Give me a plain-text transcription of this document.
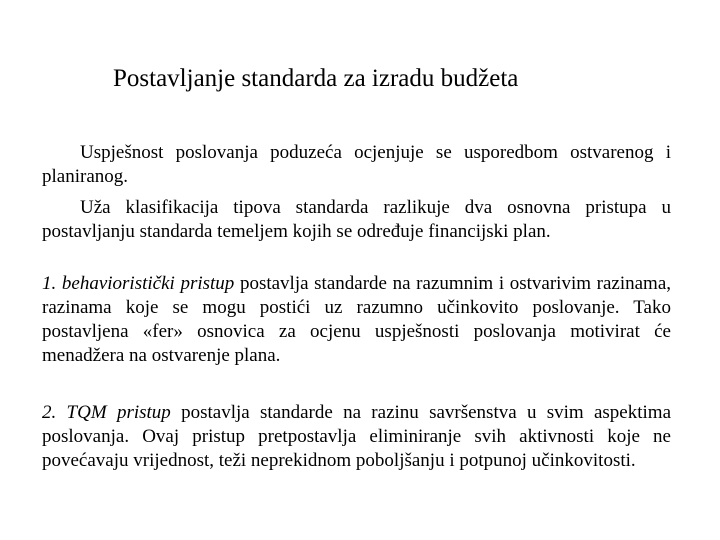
Postavljanje standarda za izradu budžeta

Uspješnost poslovanja poduzeća ocjenjuje se usporedbom ostvarenog i planiranog.

Uža klasifikacija tipova standarda razlikuje dva osnovna pristupa u postavljanju standarda temeljem kojih se određuje financijski plan.

1. behavioristički pristup postavlja standarde na razumnim i ostvarivim razinama, razinama koje se mogu postići uz razumno učinkovito poslovanje. Tako postavljena «fer» osnovica za ocjenu uspješnosti poslovanja motivirat će menadžera na ostvarenje plana.

2. TQM pristup postavlja standarde na razinu savršenstva u svim aspektima poslovanja. Ovaj pristup pretpostavlja eliminiranje svih aktivnosti koje ne povećavaju vrijednost, teži neprekidnom poboljšanju i potpunoj učinkovitosti.
